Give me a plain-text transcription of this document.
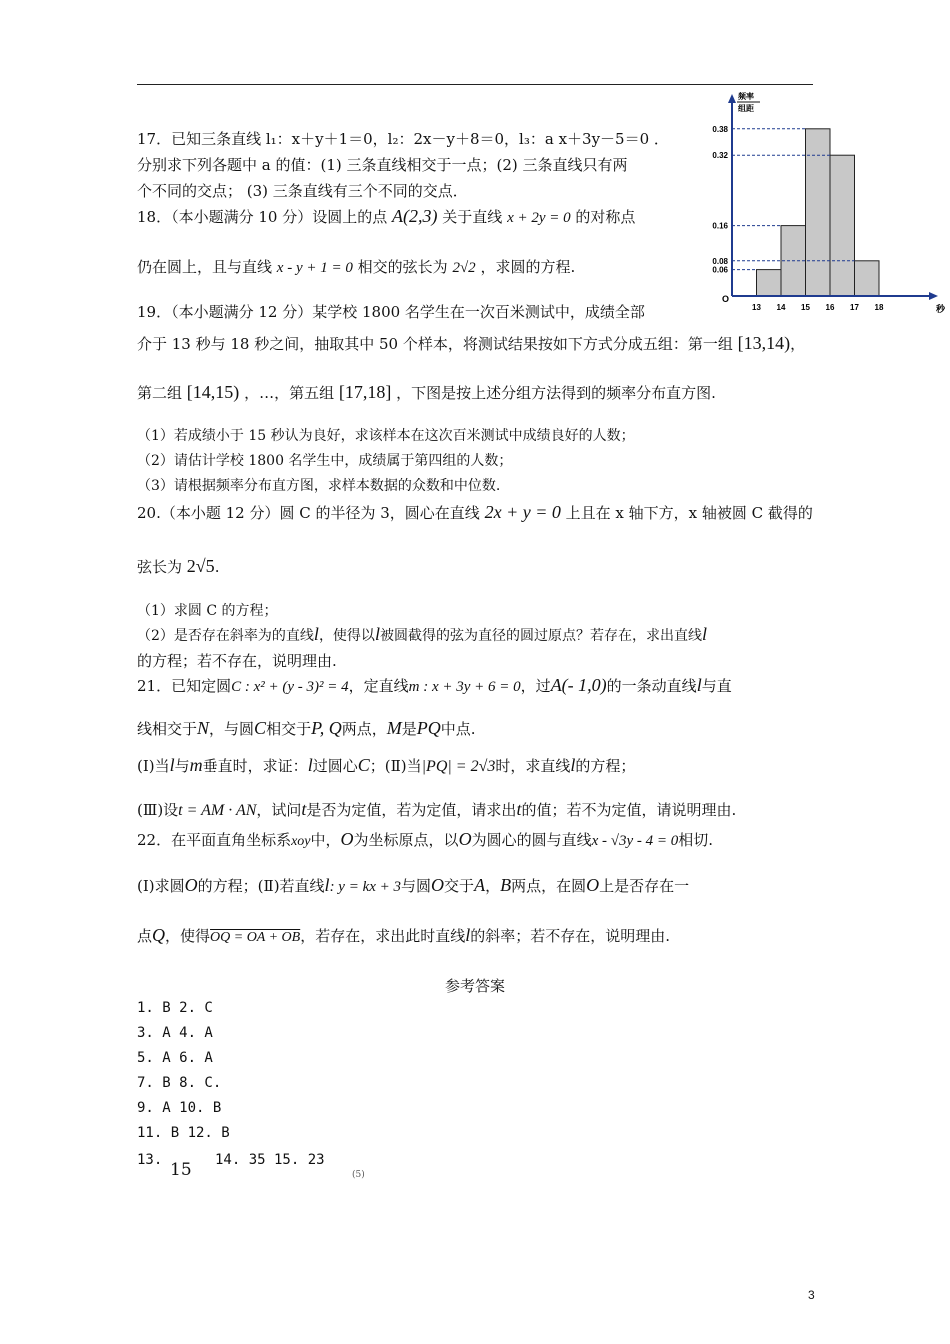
0.38
0.32
0.16
0.08
0.06
13 14 15 16 17 18
O
秒
频率
组距
17．已知三条直线 l₁：x＋y＋1＝0，l₂：2x－y＋8＝0，l₃：a x＋3y－5＝0 ．
分别求下列各题中 a 的值：(1) 三条直线相交于一点；(2) 三条直线只有两
个不同的交点； (3) 三条直线有三个不同的交点．
18．（本小题满分 10 分）设圆上的点 A(2,3) 关于直线 x + 2y = 0 的对称点
仍在圆上，且与直线 x - y + 1 = 0 相交的弦长为 2√2 ，求圆的方程.
19．（本小题满分 12 分）某学校 1800 名学生在一次百米测试中，成绩全部
介于 13 秒与 18 秒之间，抽取其中 50 个样本，将测试结果按如下方式分成五组：第一组 [13,14)，
第二组 [14,15) ，…，第五组 [17,18] ，下图是按上述分组方法得到的频率分布直方图.
（1）若成绩小于 15 秒认为良好，求该样本在这次百米测试中成绩良好的人数；
（2）请估计学校 1800 名学生中，成绩属于第四组的人数；
（3）请根据频率分布直方图，求样本数据的众数和中位数.
20.（本小题 12 分）圆 C 的半径为 3，圆心在直线 2x + y = 0 上且在 x 轴下方，x 轴被圆 C 截得的
弦长为 2√5.
（1）求圆 C 的方程；
（2）是否存在斜率为的直线l，使得以l被圆截得的弦为直径的圆过原点？若存在，求出直线l
的方程；若不存在，说明理由.
21．已知定圆C : x² + (y - 3)² = 4，定直线m : x + 3y + 6 = 0，过A(- 1,0)的一条动直线l与直
线相交于N，与圆C相交于P, Q两点，M是PQ中点.
(Ⅰ)当l与m垂直时，求证：l过圆心C；(Ⅱ)当|PQ| = 2√3时，求直线l的方程；
(Ⅲ)设t = AM · AN，试问t是否为定值，若为定值，请求出t的值；若不为定值，请说明理由.
22．在平面直角坐标系xoy中，O为坐标原点，以O为圆心的圆与直线x - √3y - 4 = 0相切.
(Ⅰ)求圆O的方程；(Ⅱ)若直线l: y = kx + 3与圆O交于A，B两点，在圆O上是否存在一
点Q，使得OQ = OA + OB，若存在，求出此时直线l的斜率；若不存在，说明理由.
参考答案
1. B 2. C
3. A 4. A
5. A 6. A
7. B 8. C.
9. A 10. B
11. B 12. B
13. 15 14. 35 15. 23
(5)
3
